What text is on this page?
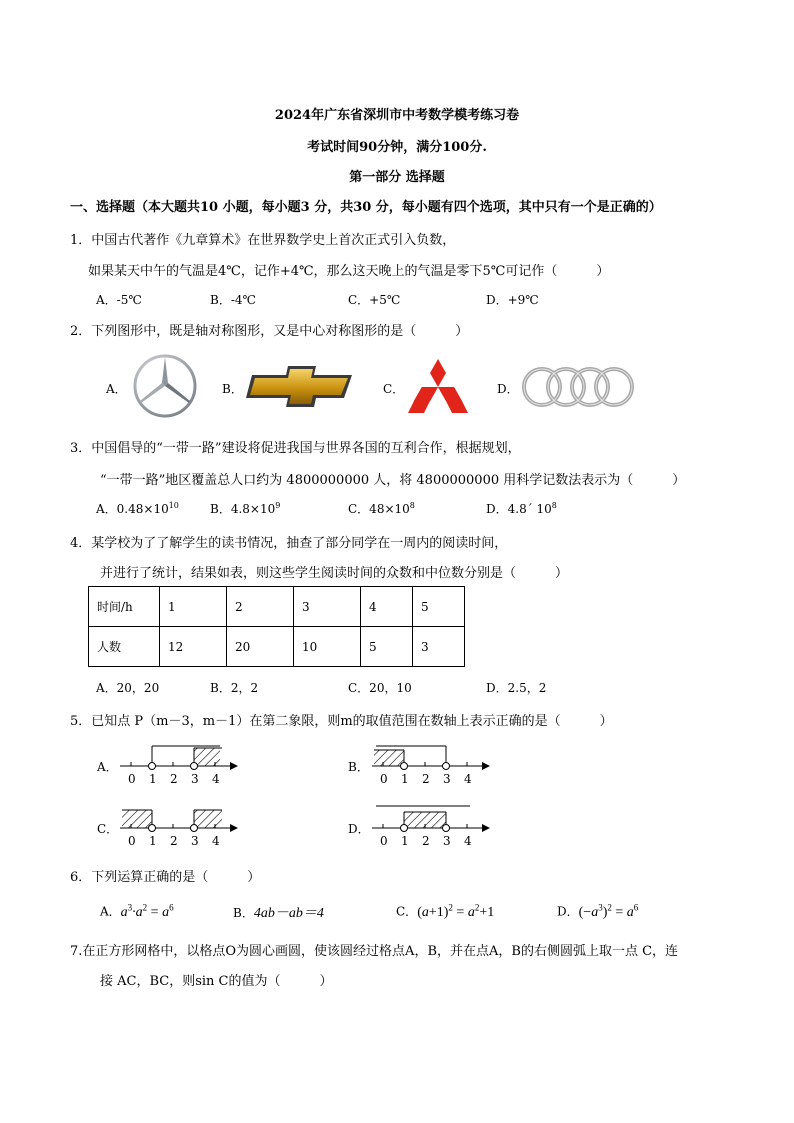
2024年广东省深圳市中考数学模考练习卷
考试时间90分钟，满分100分.
第一部分 选择题
一、选择题（本大题共10 小题，每小题3 分，共30 分，每小题有四个选项，其中只有一个是正确的）
1．中国古代著作《九章算术》在世界数学史上首次正式引入负数，
如果某天中午的气温是4℃，记作+4℃，那么这天晚上的气温是零下5℃可记作（　　　）
A．-5℃	B．-4℃	C．+5℃	D．+9℃
2．下列图形中，既是轴对称图形，又是中心对称图形的是（　　　）
A．	B．	C．	D．
3．中国倡导的“一带一路”建设将促进我国与世界各国的互利合作，根据规划，
“一带一路”地区覆盖总人口约为 4800000000 人，将 4800000000 用科学记数法表示为（　　　）
A．$0.48\times 10^{10}$	B．$4.8\times 10^9$	C．$48\times 10^8$	D．4.8´ $10^8$
4．某学校为了了解学生的读书情况，抽查了部分同学在一周内的阅读时间，
并进行了统计，结果如表，则这些学生阅读时间的众数和中位数分别是（　　　）
时间/h	1	2	3	4	5
人数	12	20	10	5	3
A．20，20	B．2，2	C．20，10	D．2.5，2
5．已知点 P（m－3，m－1）在第二象限，则m的取值范围在数轴上表示正确的是（　　　）
A．
0 1 2 3 4
B．
0 1 2 3 4
C．
0 1 2 3 4
D．
0 1 2 3 4
6．下列运算正确的是（　　　）
A．$a^3\cdot a^2 = a^6$	B．4ab－ab＝4	C．$(a+1)^2 = a^2+1$	D．$(-a^3)^2 = a^6$
7.在正方形网格中，以格点O为圆心画圆，使该圆经过格点A，B，并在点A，B的右侧圆弧上取一点 C，连
接 AC，BC，则sin C的值为（　　　）
